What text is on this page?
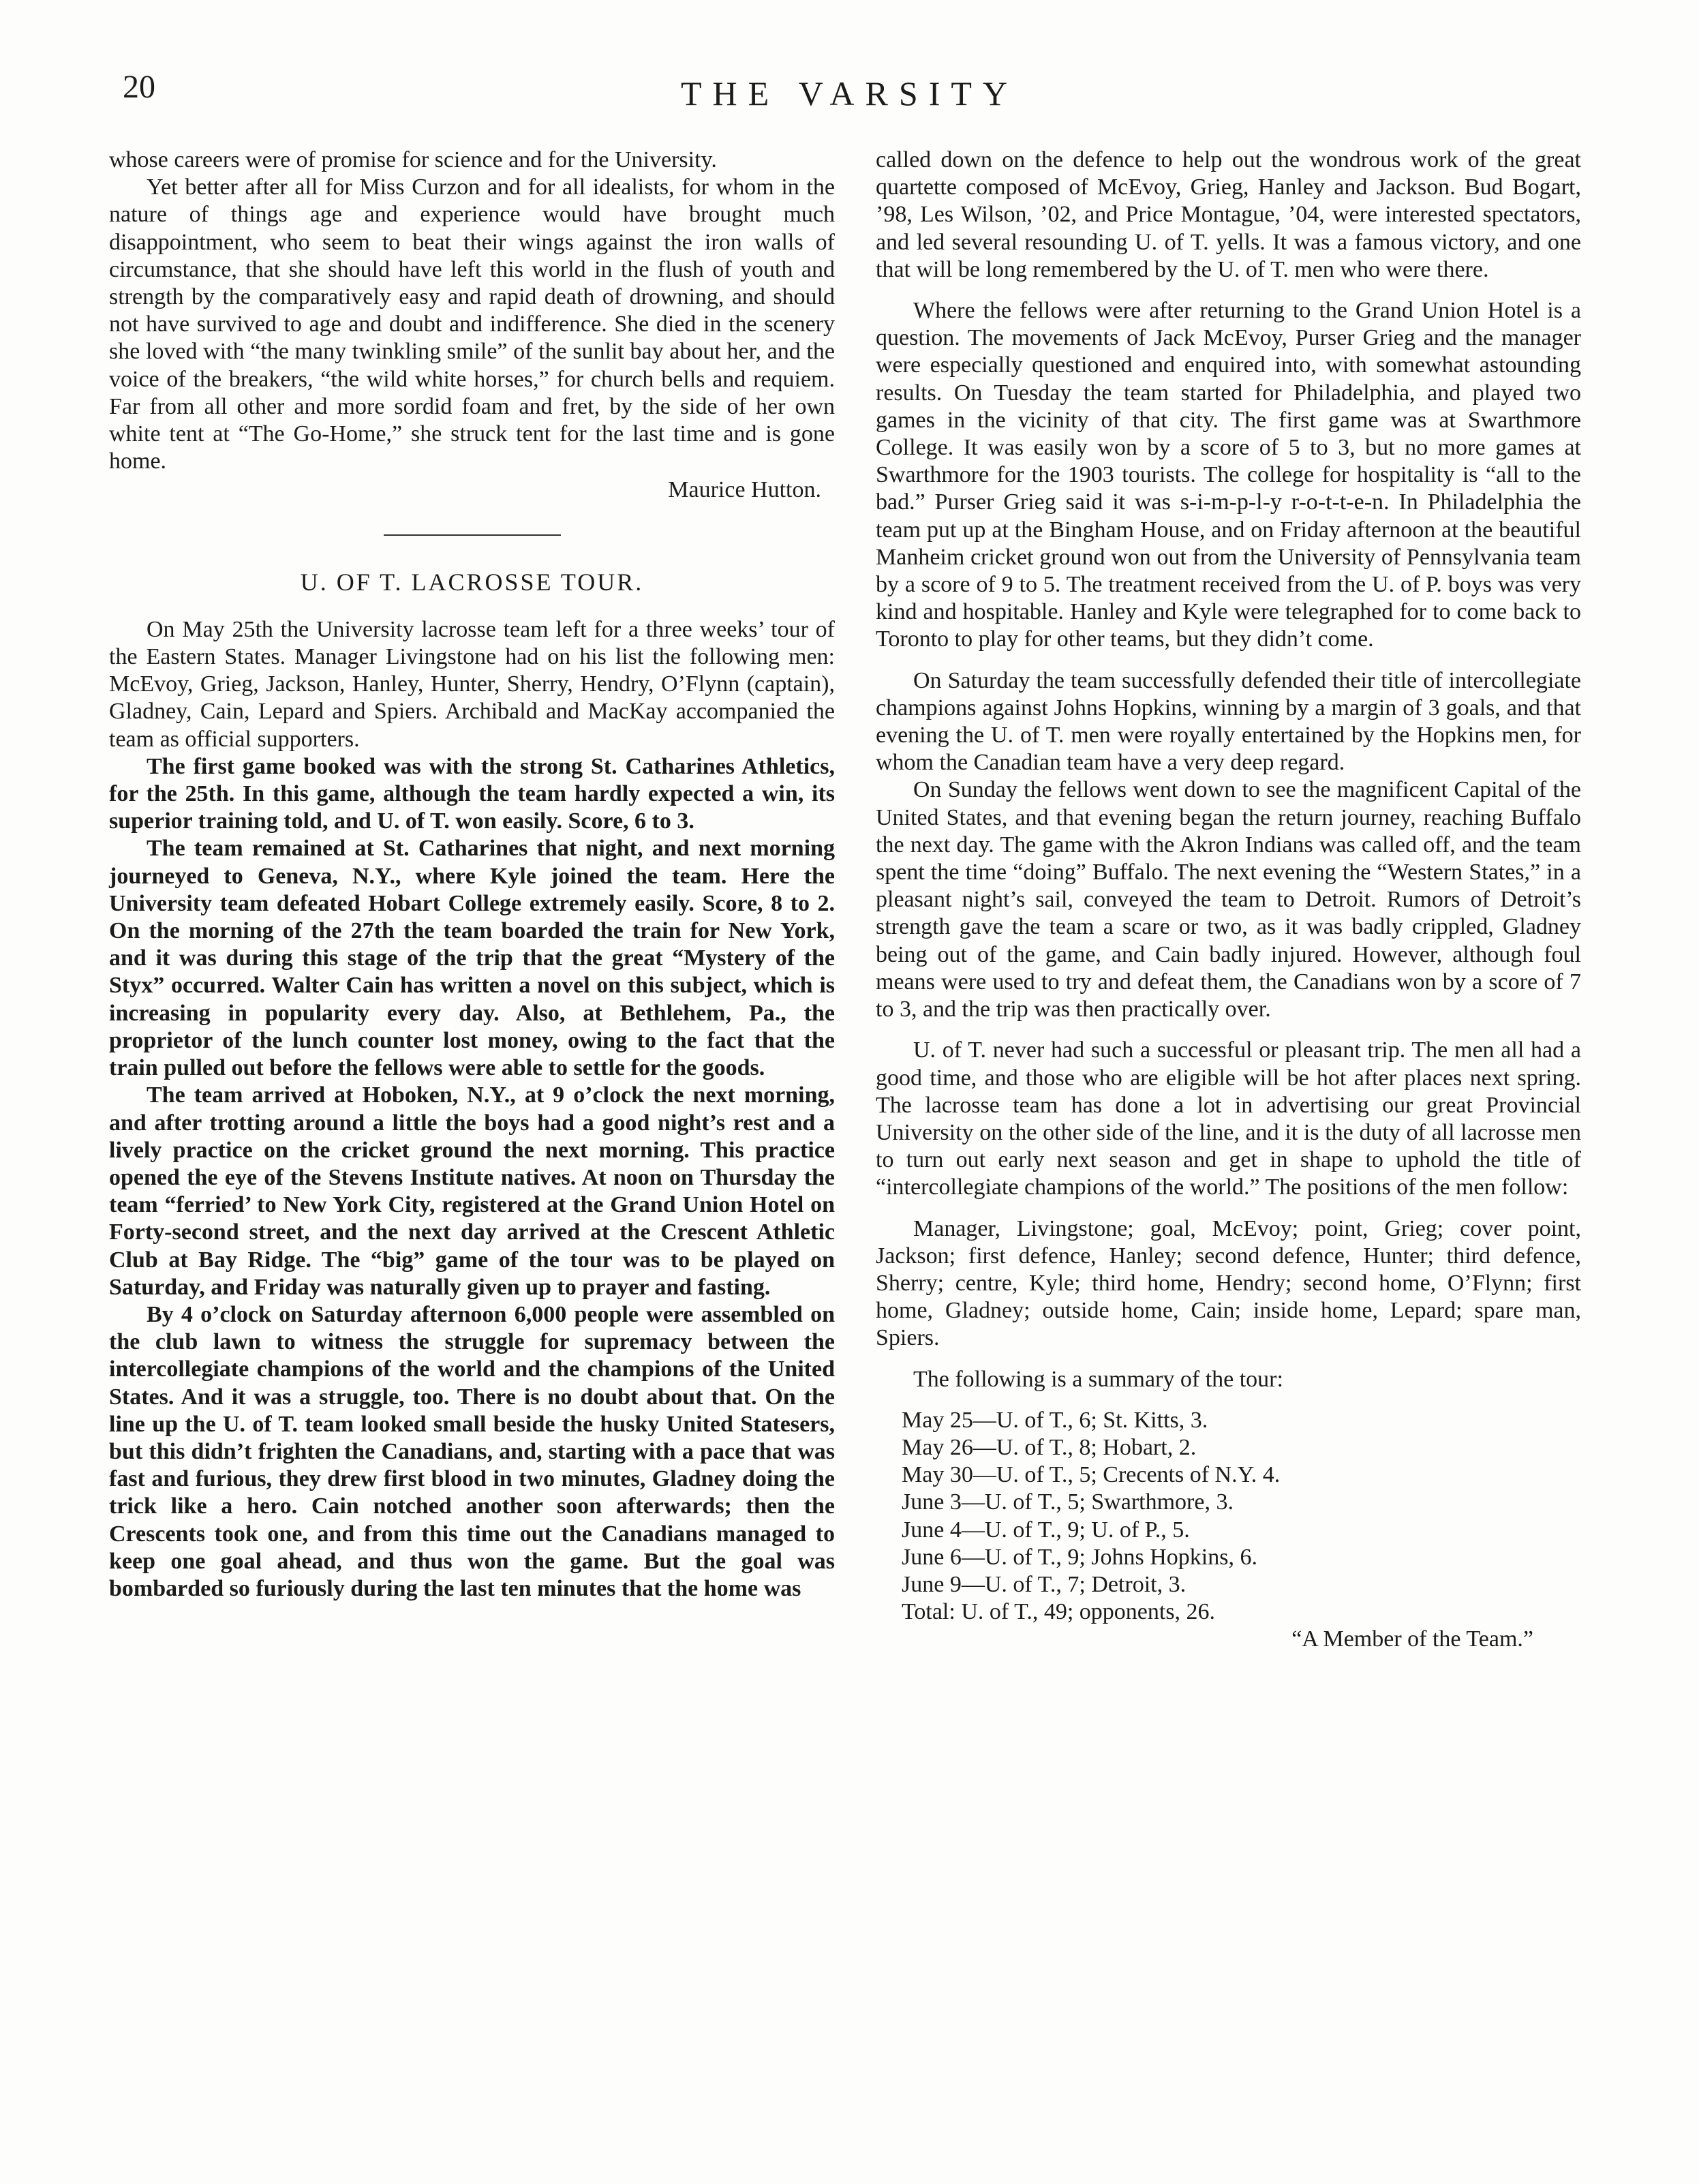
20	THE VARSITY

whose careers were of promise for science and for the University.

Yet better after all for Miss Curzon and for all idealists, for whom in the nature of things age and experience would have brought much disappointment, who seem to beat their wings against the iron walls of circumstance, that she should have left this world in the flush of youth and strength by the comparatively easy and rapid death of drowning, and should not have survived to age and doubt and indifference. She died in the scenery she loved with “the many twinkling smile” of the sunlit bay about her, and the voice of the breakers, “the wild white horses,” for church bells and requiem. Far from all other and more sordid foam and fret, by the side of her own white tent at “The Go-Home,” she struck tent for the last time and is gone home.

Maurice Hutton.
U. OF T. LACROSSE TOUR.

On May 25th the University lacrosse team left for a three weeks’ tour of the Eastern States. Manager Livingstone had on his list the following men: McEvoy, Grieg, Jackson, Hanley, Hunter, Sherry, Hendry, O’Flynn (captain), Gladney, Cain, Lepard and Spiers. Archibald and MacKay accompanied the team as official supporters.

The first game booked was with the strong St. Catharines Athletics, for the 25th. In this game, although the team hardly expected a win, its superior training told, and U. of T. won easily. Score, 6 to 3.

The team remained at St. Catharines that night, and next morning journeyed to Geneva, N.Y., where Kyle joined the team. Here the University team defeated Hobart College extremely easily. Score, 8 to 2. On the morning of the 27th the team boarded the train for New York, and it was during this stage of the trip that the great “Mystery of the Styx” occurred. Walter Cain has written a novel on this subject, which is increasing in popularity every day. Also, at Bethlehem, Pa., the proprietor of the lunch counter lost money, owing to the fact that the train pulled out before the fellows were able to settle for the goods.

The team arrived at Hoboken, N.Y., at 9 o’clock the next morning, and after trotting around a little the boys had a good night’s rest and a lively practice on the cricket ground the next morning. This practice opened the eye of the Stevens Institute natives. At noon on Thursday the team “ferried’ to New York City, registered at the Grand Union Hotel on Forty-second street, and the next day arrived at the Crescent Athletic Club at Bay Ridge. The “big” game of the tour was to be played on Saturday, and Friday was naturally given up to prayer and fasting.

By 4 o’clock on Saturday afternoon 6,000 people were assembled on the club lawn to witness the struggle for supremacy between the intercollegiate champions of the world and the champions of the United States. And it was a struggle, too. There is no doubt about that. On the line up the U. of T. team looked small beside the husky United Statesers, but this didn’t frighten the Canadians, and, starting with a pace that was fast and furious, they drew first blood in two minutes, Gladney doing the trick like a hero. Cain notched another soon afterwards; then the Crescents took one, and from this time out the Canadians managed to keep one goal ahead, and thus won the game. But the goal was bombarded so furiously during the last ten minutes that the home was

called down on the defence to help out the wondrous work of the great quartette composed of McEvoy, Grieg, Hanley and Jackson. Bud Bogart, ’98, Les Wilson, ’02, and Price Montague, ’04, were interested spectators, and led several resounding U. of T. yells. It was a famous victory, and one that will be long remembered by the U. of T. men who were there.

Where the fellows were after returning to the Grand Union Hotel is a question. The movements of Jack McEvoy, Purser Grieg and the manager were especially questioned and enquired into, with somewhat astounding results. On Tuesday the team started for Philadelphia, and played two games in the vicinity of that city. The first game was at Swarthmore College. It was easily won by a score of 5 to 3, but no more games at Swarthmore for the 1903 tourists. The college for hospitality is “all to the bad.” Purser Grieg said it was s-i-m-p-l-y r-o-t-t-e-n. In Philadelphia the team put up at the Bingham House, and on Friday afternoon at the beautiful Manheim cricket ground won out from the University of Pennsylvania team by a score of 9 to 5. The treatment received from the U. of P. boys was very kind and hospitable. Hanley and Kyle were telegraphed for to come back to Toronto to play for other teams, but they didn’t come.

On Saturday the team successfully defended their title of intercollegiate champions against Johns Hopkins, winning by a margin of 3 goals, and that evening the U. of T. men were royally entertained by the Hopkins men, for whom the Canadian team have a very deep regard.

On Sunday the fellows went down to see the magnificent Capital of the United States, and that evening began the return journey, reaching Buffalo the next day. The game with the Akron Indians was called off, and the team spent the time “doing” Buffalo. The next evening the “Western States,” in a pleasant night’s sail, conveyed the team to Detroit. Rumors of Detroit’s strength gave the team a scare or two, as it was badly crippled, Gladney being out of the game, and Cain badly injured. However, although foul means were used to try and defeat them, the Canadians won by a score of 7 to 3, and the trip was then practically over.

U. of T. never had such a successful or pleasant trip. The men all had a good time, and those who are eligible will be hot after places next spring. The lacrosse team has done a lot in advertising our great Provincial University on the other side of the line, and it is the duty of all lacrosse men to turn out early next season and get in shape to uphold the title of “intercollegiate champions of the world.” The positions of the men follow:

Manager, Livingstone; goal, McEvoy; point, Grieg; cover point, Jackson; first defence, Hanley; second defence, Hunter; third defence, Sherry; centre, Kyle; third home, Hendry; second home, O’Flynn; first home, Gladney; outside home, Cain; inside home, Lepard; spare man, Spiers.

The following is a summary of the tour:

May 25—U. of T., 6; St. Kitts, 3.
May 26—U. of T., 8; Hobart, 2.
May 30—U. of T., 5; Crecents of N.Y. 4.
June 3—U. of T., 5; Swarthmore, 3.
June 4—U. of T., 9; U. of P., 5.
June 6—U. of T., 9; Johns Hopkins, 6.
June 9—U. of T., 7; Detroit, 3.
Total: U. of T., 49; opponents, 26.
“A Member of the Team.”
